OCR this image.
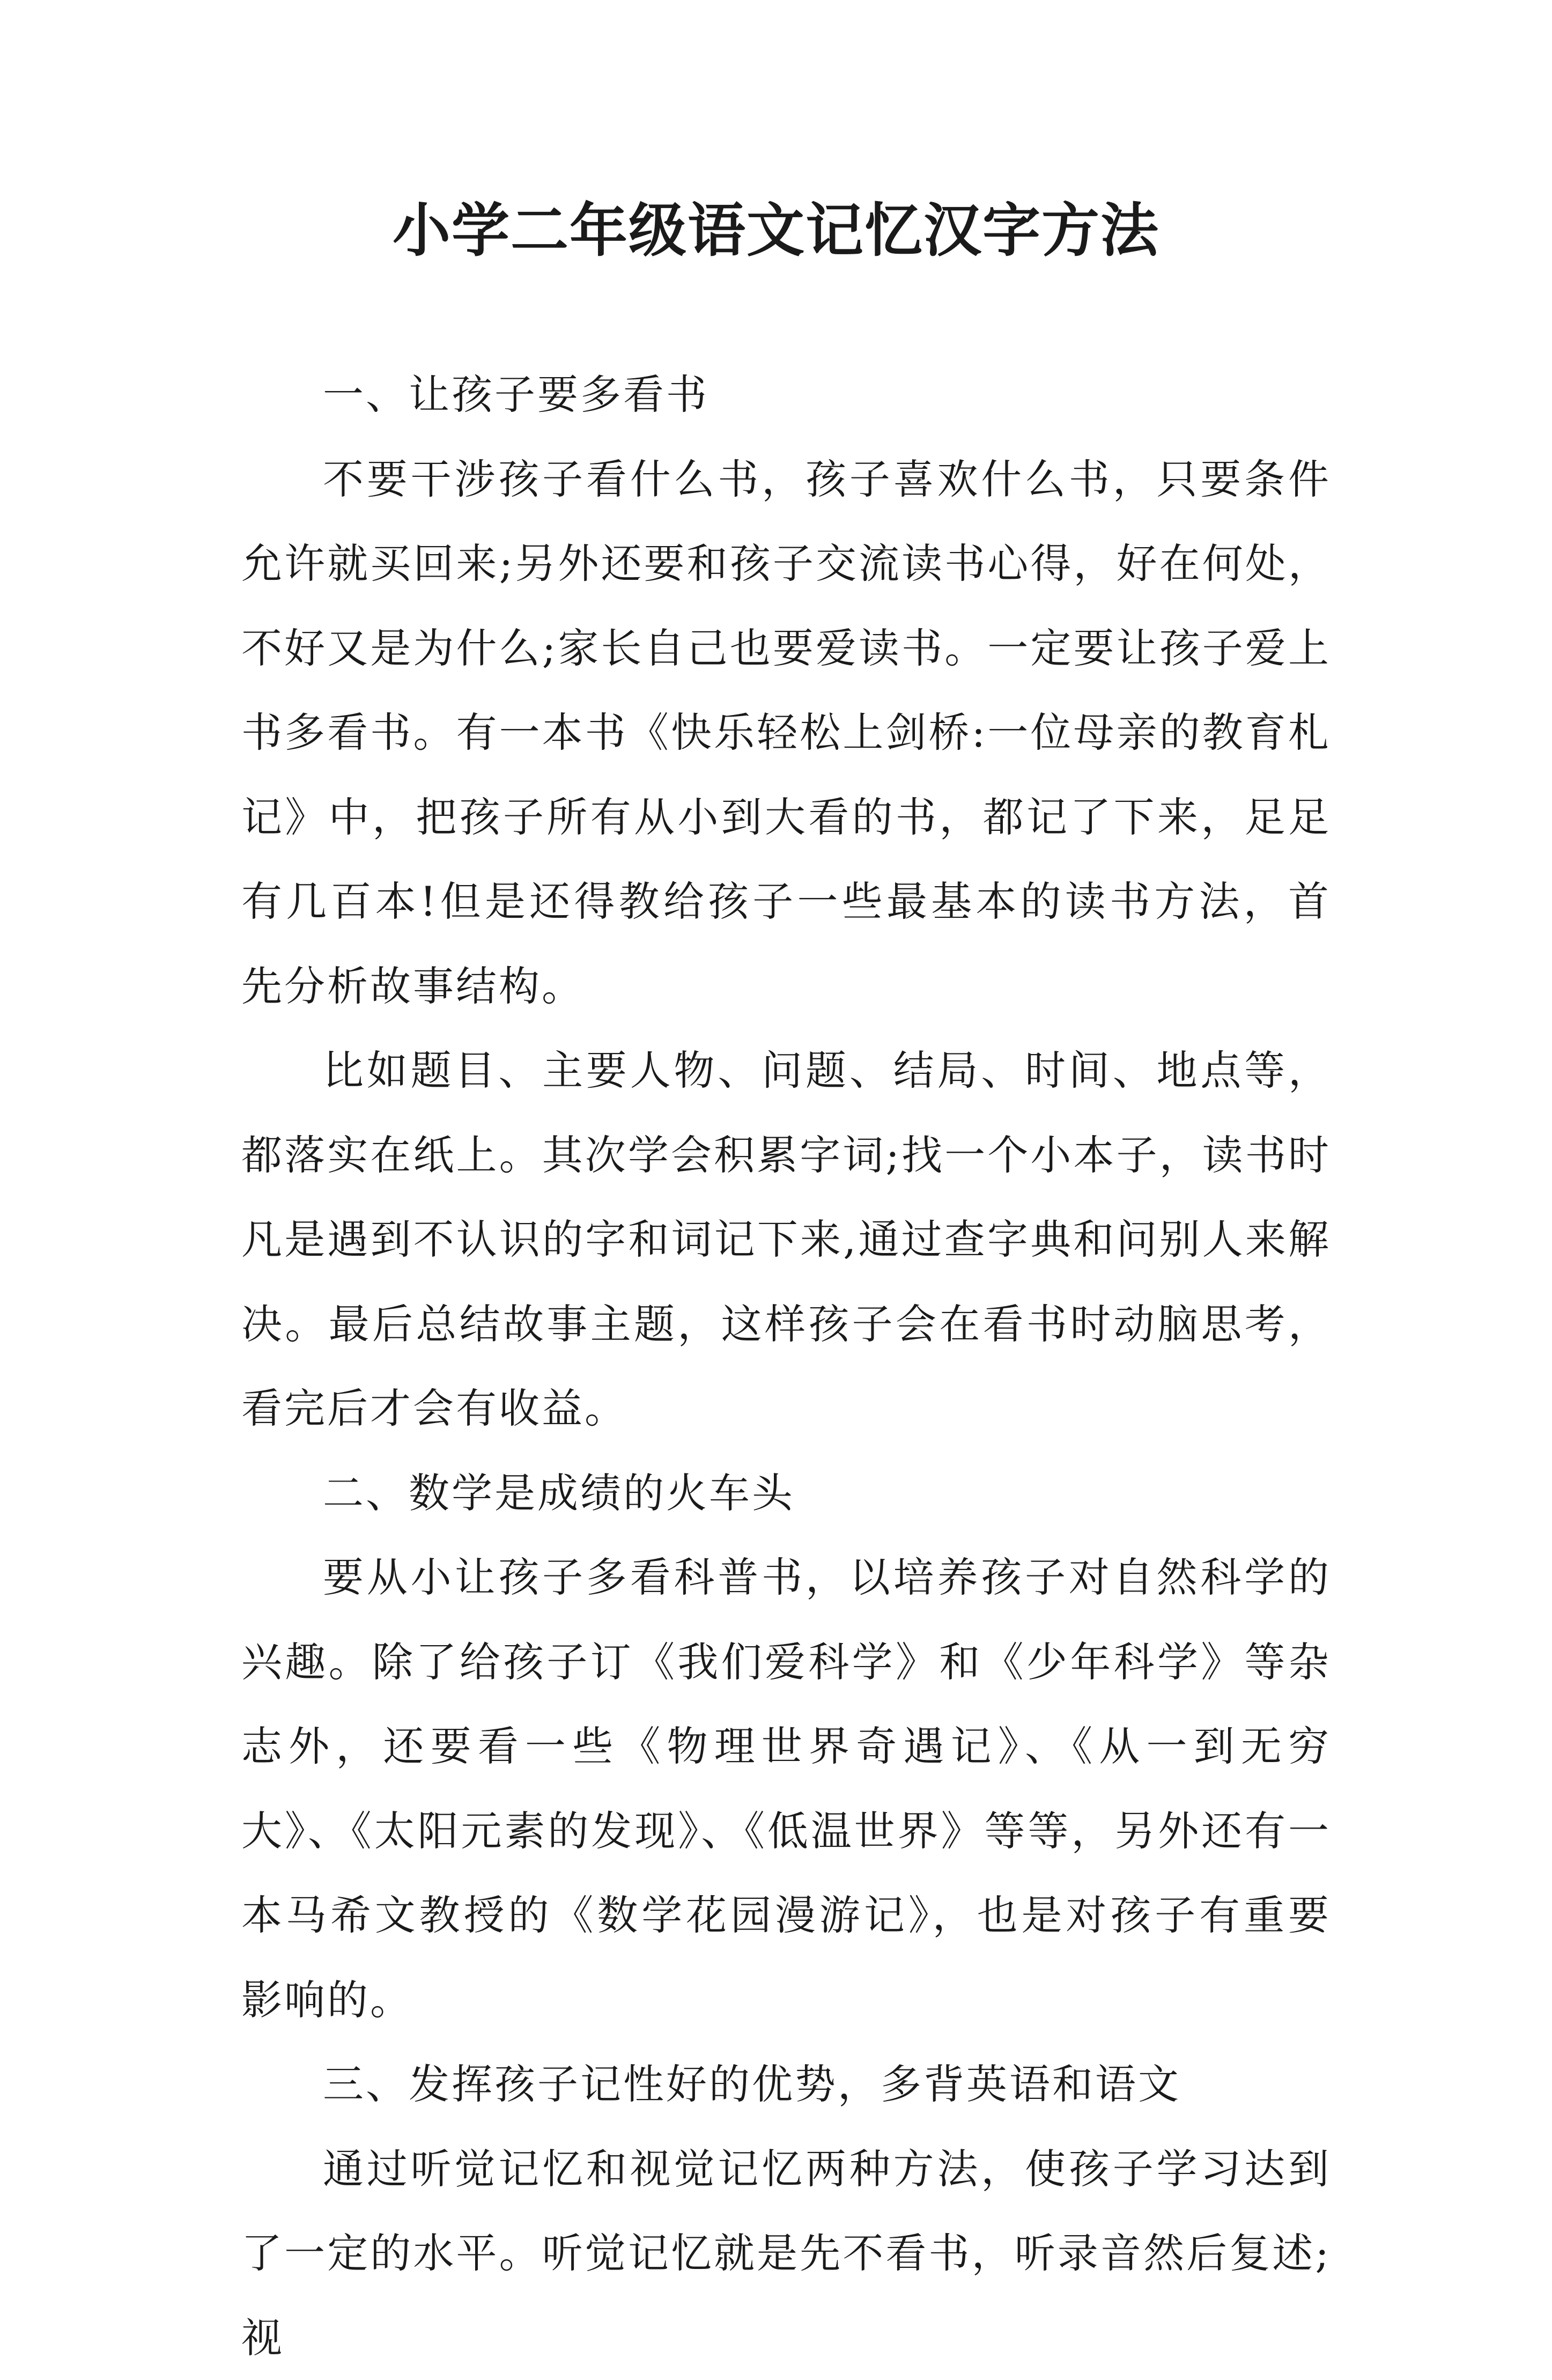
小学二年级语文记忆汉字方法

一、让孩子要多看书

不要干涉孩子看什么书，孩子喜欢什么书，只要条件允许就买回来;另外还要和孩子交流读书心得，好在何处，不好又是为什么;家长自己也要爱读书。一定要让孩子爱上书多看书。有一本书《快乐轻松上剑桥:一位母亲的教育札记》中，把孩子所有从小到大看的书，都记了下来，足足有几百本!但是还得教给孩子一些最基本的读书方法，首先分析故事结构。

比如题目、主要人物、问题、结局、时间、地点等，都落实在纸上。其次学会积累字词;找一个小本子，读书时凡是遇到不认识的字和词记下来,通过查字典和问别人来解决。最后总结故事主题，这样孩子会在看书时动脑思考，看完后才会有收益。

二、数学是成绩的火车头

要从小让孩子多看科普书，以培养孩子对自然科学的兴趣。除了给孩子订《我们爱科学》和《少年科学》等杂志外，还要看一些《物理世界奇遇记》、《从一到无穷大》、《太阳元素的发现》、《低温世界》等等，另外还有一本马希文教授的《数学花园漫游记》，也是对孩子有重要影响的。

三、发挥孩子记性好的优势，多背英语和语文

通过听觉记忆和视觉记忆两种方法，使孩子学习达到了一定的水平。听觉记忆就是先不看书，听录音然后复述;视
